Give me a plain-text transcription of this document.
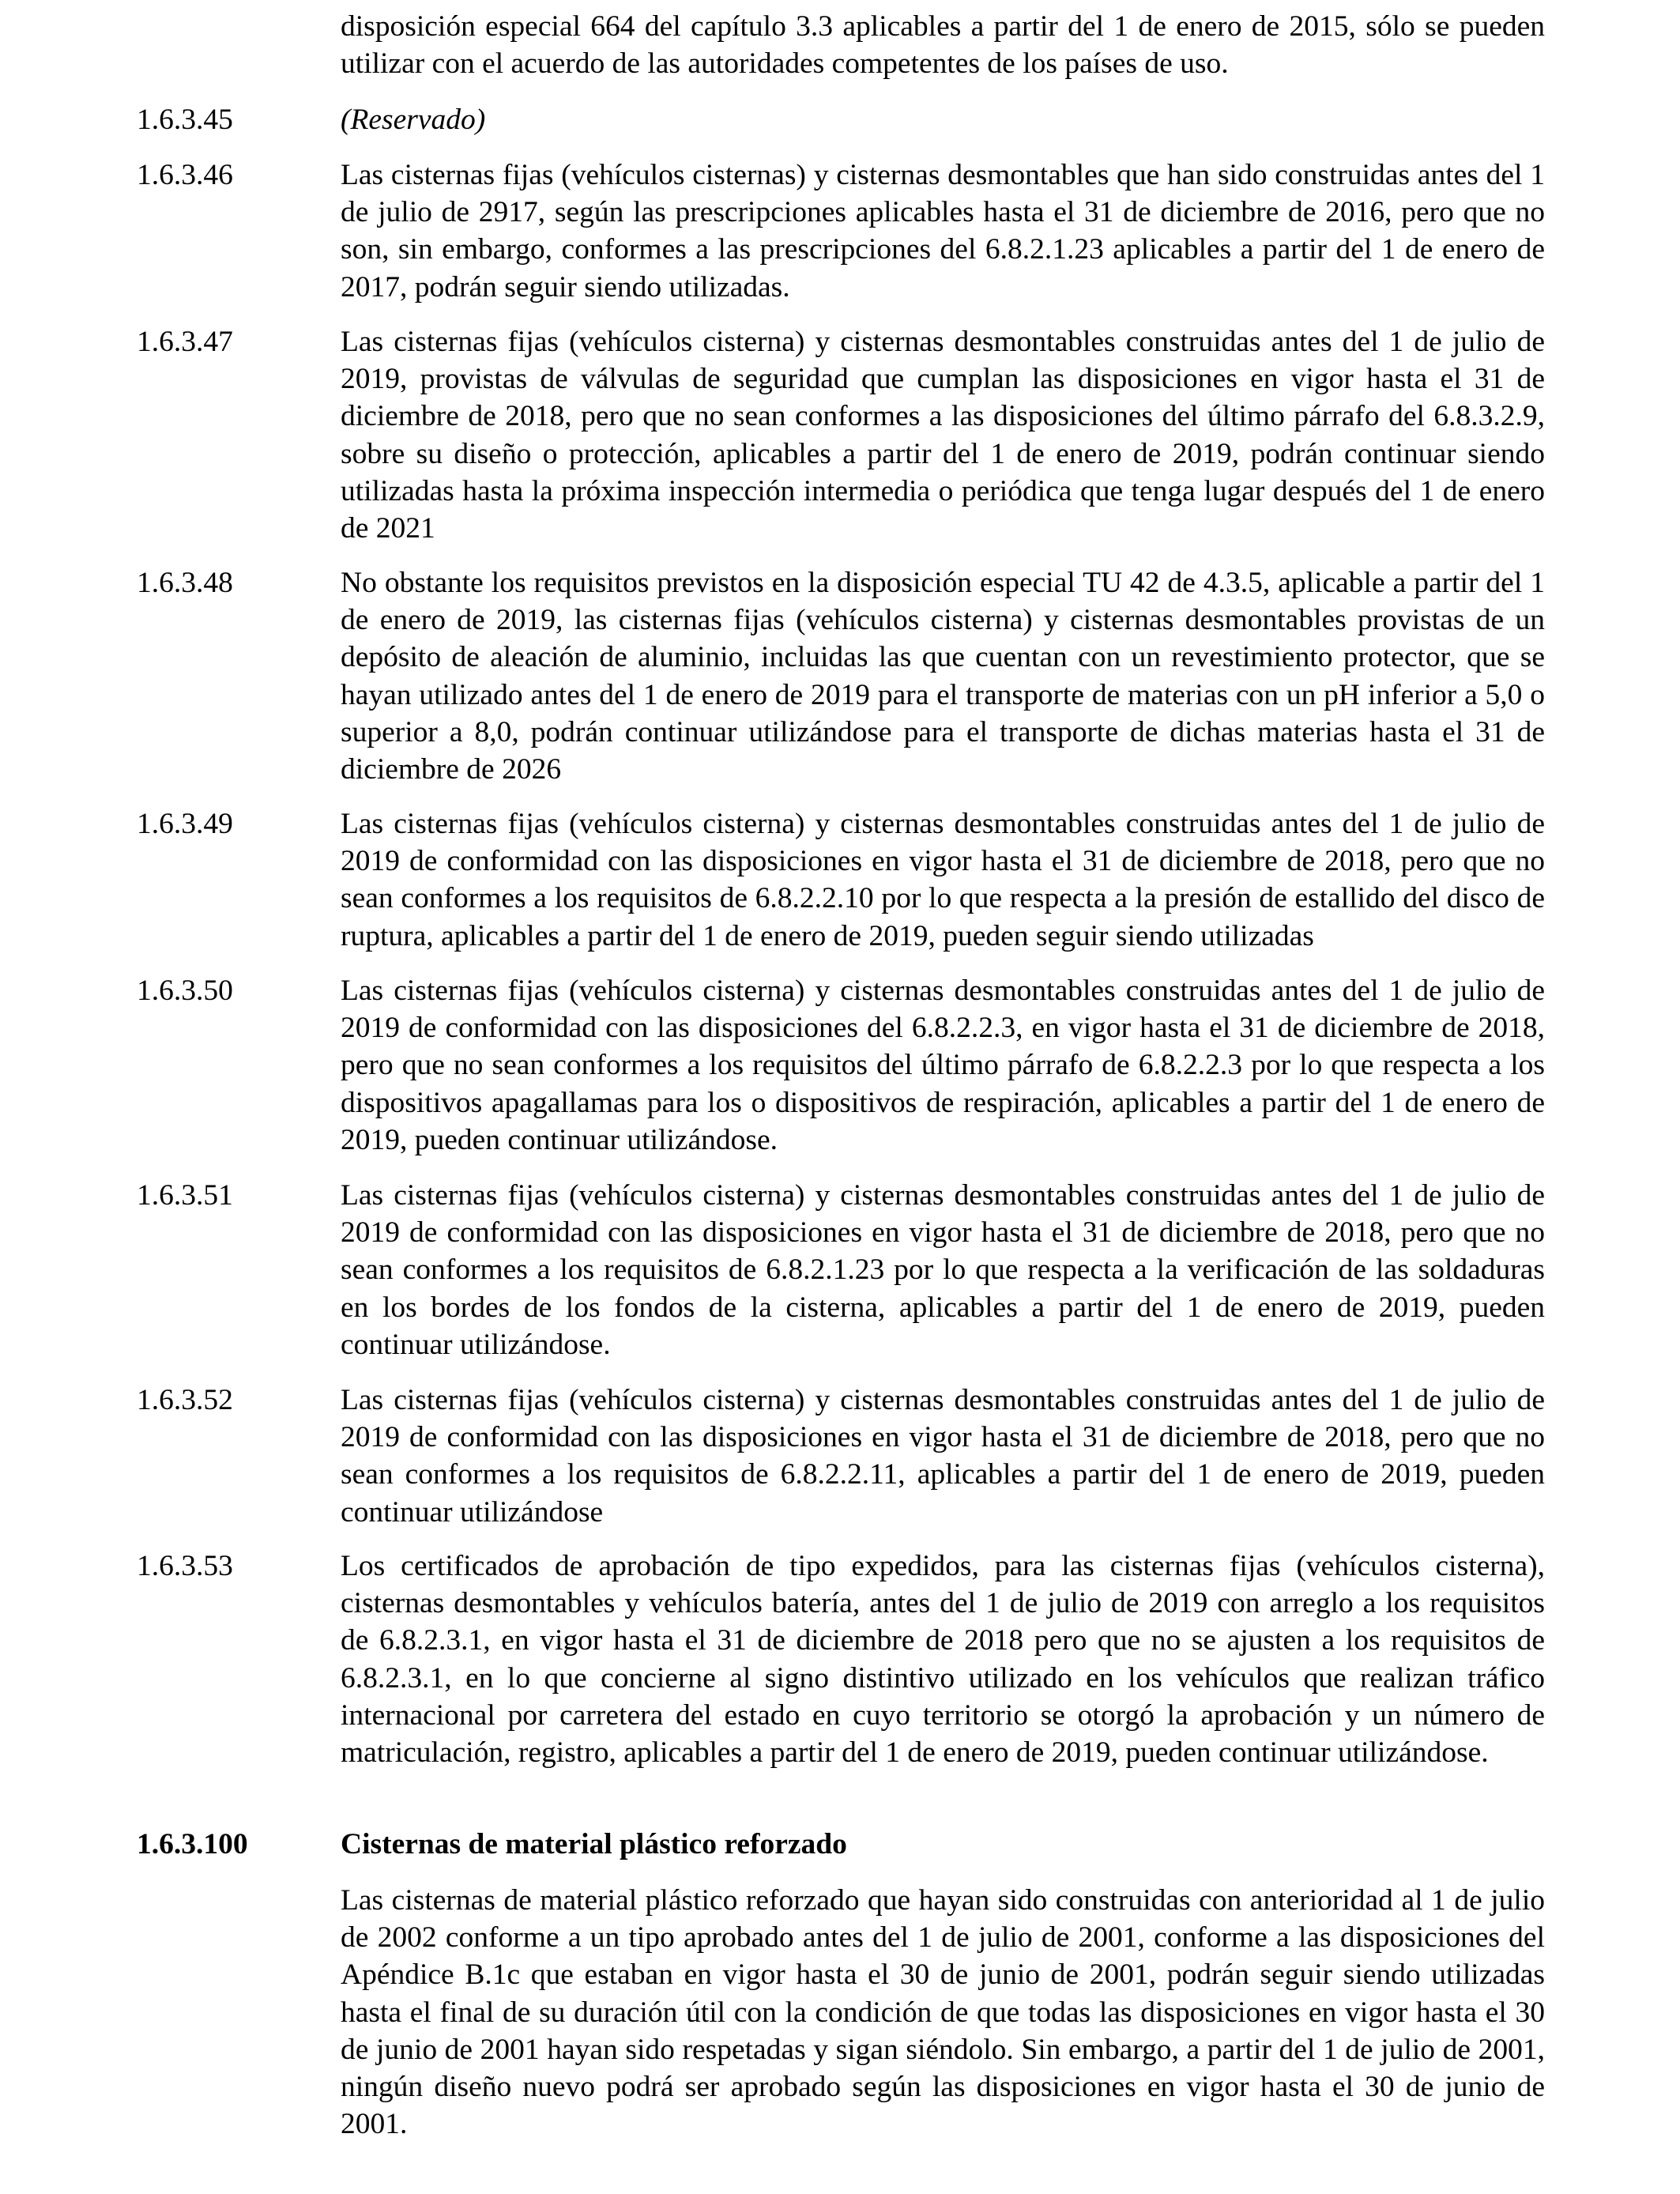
disposición especial 664 del capítulo 3.3 aplicables a partir del 1 de enero de 2015, sólo se pueden utilizar con el acuerdo de las autoridades competentes de los países de uso.

1.6.3.45	(Reservado)

1.6.3.46	Las cisternas fijas (vehículos cisternas) y cisternas desmontables que han sido construidas antes del 1 de julio de 2917, según las prescripciones aplicables hasta el 31 de diciembre de 2016, pero que no son, sin embargo, conformes a las prescripciones del 6.8.2.1.23 aplicables a partir del 1 de enero de 2017, podrán seguir siendo utilizadas.

1.6.3.47	Las cisternas fijas (vehículos cisterna) y cisternas desmontables construidas antes del 1 de julio de 2019, provistas de válvulas de seguridad que cumplan las disposiciones en vigor hasta el 31 de diciembre de 2018, pero que no sean conformes a las disposiciones del último párrafo del 6.8.3.2.9, sobre su diseño o protección, aplicables a partir del 1 de enero de 2019, podrán continuar siendo utilizadas hasta la próxima inspección intermedia o periódica que tenga lugar después del 1 de enero de 2021

1.6.3.48	No obstante los requisitos previstos en la disposición especial TU 42 de 4.3.5, aplicable a partir del 1 de enero de 2019, las cisternas fijas (vehículos cisterna) y cisternas desmontables provistas de un depósito de aleación de aluminio, incluidas las que cuentan con un revestimiento protector, que se hayan utilizado antes del 1 de enero de 2019 para el transporte de materias con un pH inferior a 5,0 o superior a 8,0, podrán continuar utilizándose para el transporte de dichas materias hasta el 31 de diciembre de 2026

1.6.3.49	Las cisternas fijas (vehículos cisterna) y cisternas desmontables construidas antes del 1 de julio de 2019 de conformidad con las disposiciones en vigor hasta el 31 de diciembre de 2018, pero que no sean conformes a los requisitos de 6.8.2.2.10 por lo que respecta a la presión de estallido del disco de ruptura, aplicables a partir del 1 de enero de 2019, pueden seguir siendo utilizadas

1.6.3.50	Las cisternas fijas (vehículos cisterna) y cisternas desmontables construidas antes del 1 de julio de 2019 de conformidad con las disposiciones del 6.8.2.2.3, en vigor hasta el 31 de diciembre de 2018, pero que no sean conformes a los requisitos del último párrafo de 6.8.2.2.3 por lo que respecta a los dispositivos apagallamas para los o dispositivos de respiración, aplicables a partir del 1 de enero de 2019, pueden continuar utilizándose.

1.6.3.51	Las cisternas fijas (vehículos cisterna) y cisternas desmontables construidas antes del 1 de julio de 2019 de conformidad con las disposiciones en vigor hasta el 31 de diciembre de 2018, pero que no sean conformes a los requisitos de 6.8.2.1.23 por lo que respecta a la verificación de las soldaduras en los bordes de los fondos de la cisterna, aplicables a partir del 1 de enero de 2019, pueden continuar utilizándose.

1.6.3.52	Las cisternas fijas (vehículos cisterna) y cisternas desmontables construidas antes del 1 de julio de 2019 de conformidad con las disposiciones en vigor hasta el 31 de diciembre de 2018, pero que no sean conformes a los requisitos de 6.8.2.2.11, aplicables a partir del 1 de enero de 2019, pueden continuar utilizándose

1.6.3.53	Los certificados de aprobación de tipo expedidos, para las cisternas fijas (vehículos cisterna), cisternas desmontables y vehículos batería, antes del 1 de julio de 2019 con arreglo a los requisitos de 6.8.2.3.1, en vigor hasta el 31 de diciembre de 2018 pero que no se ajusten a los requisitos de 6.8.2.3.1, en lo que concierne al signo distintivo utilizado en los vehículos que realizan tráfico internacional por carretera del estado en cuyo territorio se otorgó la aprobación y un número de matriculación, registro, aplicables a partir del 1 de enero de 2019, pueden continuar utilizándose.

1.6.3.100	Cisternas de material plástico reforzado

Las cisternas de material plástico reforzado que hayan sido construidas con anterioridad al 1 de julio de 2002 conforme a un tipo aprobado antes del 1 de julio de 2001, conforme a las disposiciones del Apéndice B.1c que estaban en vigor hasta el 30 de junio de 2001, podrán seguir siendo utilizadas hasta el final de su duración útil con la condición de que todas las disposiciones en vigor hasta el 30 de junio de 2001 hayan sido respetadas y sigan siéndolo. Sin embargo, a partir del 1 de julio de 2001, ningún diseño nuevo podrá ser aprobado según las disposiciones en vigor hasta el 30 de junio de 2001.
